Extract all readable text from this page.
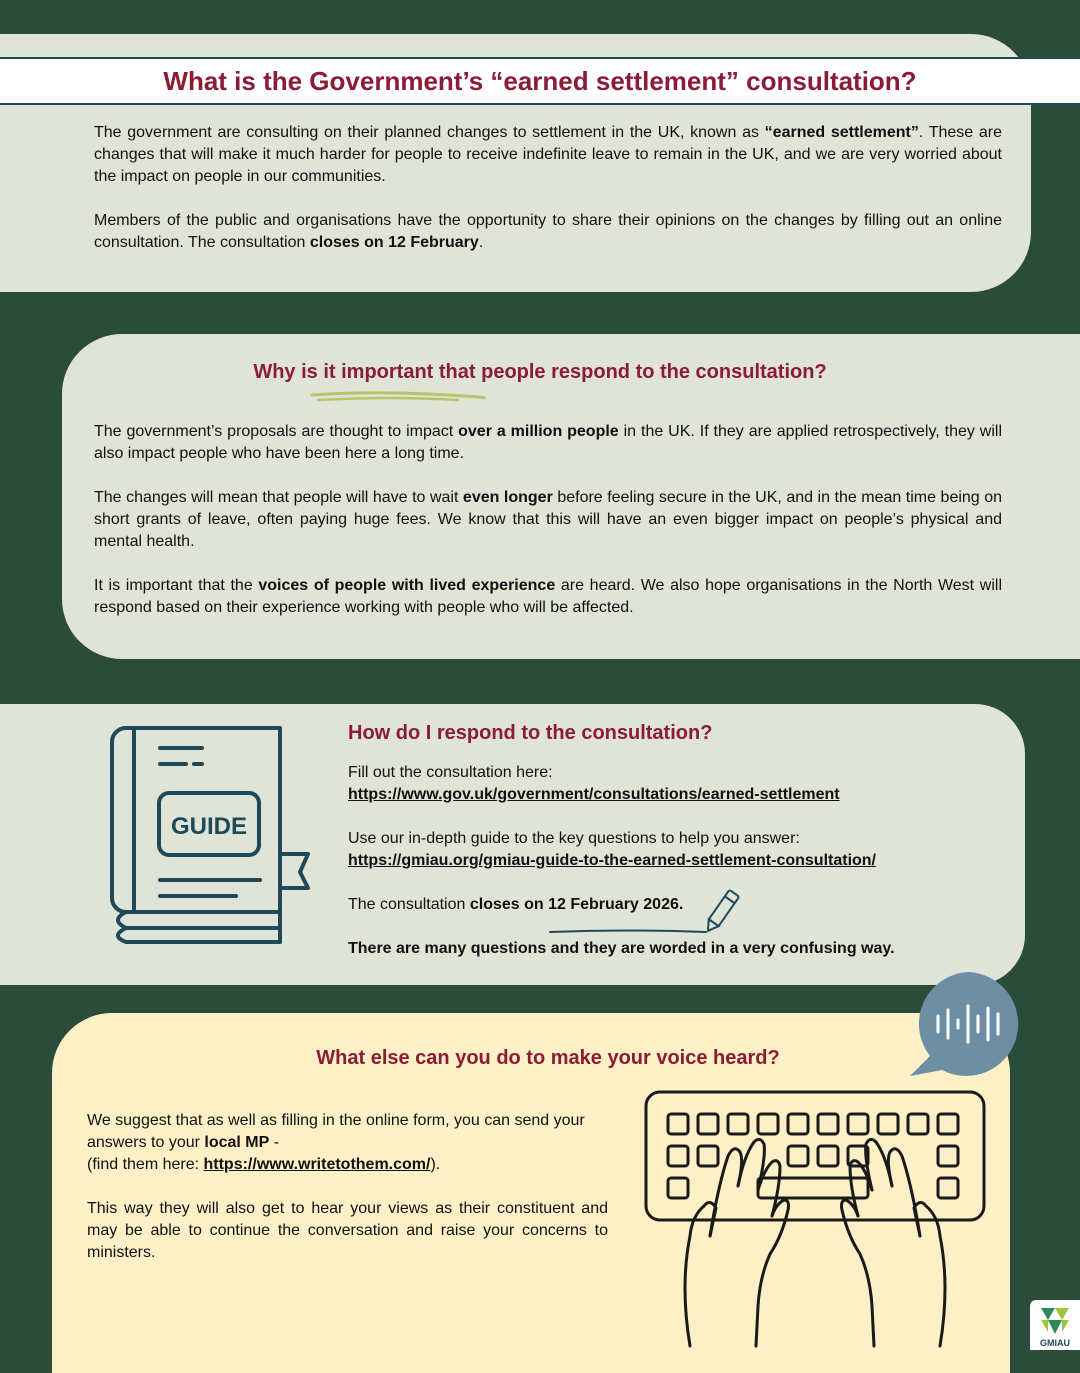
What is the Government’s “earned settlement” consultation?

The government are consulting on their planned changes to settlement in the UK, known as “earned settlement”. These are changes that will make it much harder for people to receive indefinite leave to remain in the UK, and we are very worried about the impact on people in our communities.

Members of the public and organisations have the opportunity to share their opinions on the changes by filling out an online consultation. The consultation closes on 12 February.

Why is it important that people respond to the consultation?

The government’s proposals are thought to impact over a million people in the UK. If they are applied retrospectively, they will also impact people who have been here a long time.

The changes will mean that people will have to wait even longer before feeling secure in the UK, and in the mean time being on short grants of leave, often paying huge fees. We know that this will have an even bigger impact on people’s physical and mental health.

It is important that the voices of people with lived experience are heard. We also hope organisations in the North West will respond based on their experience working with people who will be affected.

GUIDE
How do I respond to the consultation?

Fill out the consultation here:

https://www.gov.uk/government/consultations/earned-settlement

Use our in-depth guide to the key questions to help you answer:

https://gmiau.org/gmiau-guide-to-the-earned-settlement-consultation/

The consultation closes on 12 February 2026.

There are many questions and they are worded in a very confusing way.

What else can you do to make your voice heard?

We suggest that as well as filling in the online form, you can send your answers to your local MP -
(find them here: https://www.writetothem.com/).

This way they will also get to hear your views as their constituent and may be able to continue the conversation and raise your concerns to ministers.

GMIAU
